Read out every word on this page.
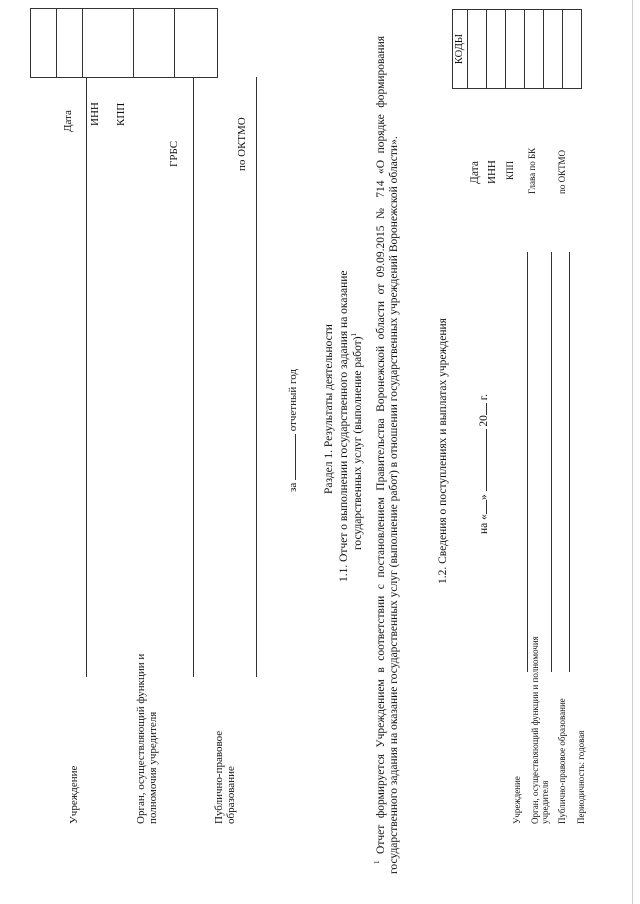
Учреждение	Орган, осуществляющий функции и полномочия учредителя	Публично-правовое образование
Дата ИНН КПП
ГРБС	по ОКТМО

за  отчетный год Раздел 1. Результаты деятельности 1.1. Отчет о выполнении государственного задания на оказание государственных услуг (выполнение работ)$^1$
$^1$ Отчет формируется Учреждением в соответствии с постановлением Правительства Воронежской области от 09.09.2015 № 714 «О порядке формирования государственного задания на оказание государственных услуг (выполнение работ) в отношении государственных учреждений Воронежской области».	1.2. Сведения о поступлениях и выплатах учреждения	на «»  20 г.
КОДЫ

Дата ИНН КПП Глава по БК по ОКТМО
Учреждение Орган, осуществляющий функции и полномочия учредителя Публично-правовое образование Периодичность: годовая
